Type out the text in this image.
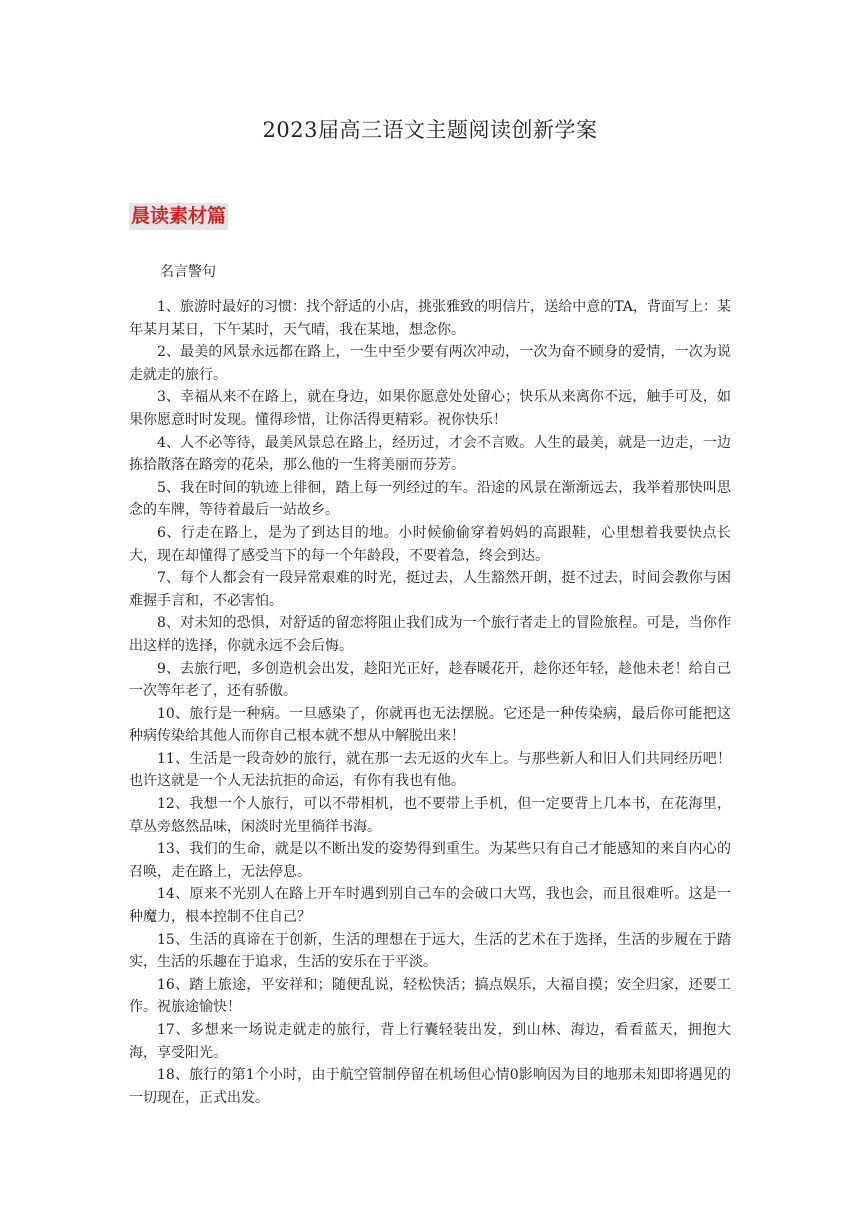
2023届高三语文主题阅读创新学案
晨读素材篇
名言警句

1、旅游时最好的习惯：找个舒适的小店，挑张雅致的明信片，送给中意的TA，背面写上：某年某月某日，下午某时，天气晴，我在某地，想念你。

2、最美的风景永远都在路上，一生中至少要有两次冲动，一次为奋不顾身的爱情，一次为说走就走的旅行。

3、幸福从来不在路上，就在身边，如果你愿意处处留心；快乐从来离你不远，触手可及，如果你愿意时时发现。懂得珍惜，让你活得更精彩。祝你快乐！

4、人不必等待，最美风景总在路上，经历过，才会不言败。人生的最美，就是一边走，一边拣拾散落在路旁的花朵，那么他的一生将美丽而芬芳。

5、我在时间的轨迹上徘徊，踏上每一列经过的车。沿途的风景在渐渐远去，我举着那快叫思念的车牌，等待着最后一站故乡。

6、行走在路上，是为了到达目的地。小时候偷偷穿着妈妈的高跟鞋，心里想着我要快点长大，现在却懂得了感受当下的每一个年龄段，不要着急，终会到达。

7、每个人都会有一段异常艰难的时光，挺过去，人生豁然开朗，挺不过去，时间会教你与困难握手言和，不必害怕。

8、对未知的恐惧，对舒适的留恋将阻止我们成为一个旅行者走上的冒险旅程。可是，当你作出这样的选择，你就永远不会后悔。

9、去旅行吧，多创造机会出发，趁阳光正好，趁春暖花开，趁你还年轻，趁他未老！给自己一次等年老了，还有骄傲。

10、旅行是一种病。一旦感染了，你就再也无法摆脱。它还是一种传染病，最后你可能把这种病传染给其他人而你自己根本就不想从中解脱出来！

11、生活是一段奇妙的旅行，就在那一去无返的火车上。与那些新人和旧人们共同经历吧！也许这就是一个人无法抗拒的命运，有你有我也有他。

12、我想一个人旅行，可以不带相机，也不要带上手机，但一定要背上几本书，在花海里，草丛旁悠然品味，闲淡时光里徜徉书海。

13、我们的生命，就是以不断出发的姿势得到重生。为某些只有自己才能感知的来自内心的召唤，走在路上，无法停息。

14、原来不光别人在路上开车时遇到别自己车的会破口大骂，我也会，而且很难听。这是一种魔力，根本控制不住自己？

15、生活的真谛在于创新，生活的理想在于远大，生活的艺术在于选择，生活的步履在于踏实，生活的乐趣在于追求，生活的安乐在于平淡。

16、踏上旅途，平安祥和；随便乱说，轻松快活；搞点娱乐，大福自摸；安全归家，还要工作。祝旅途愉快！

17、多想来一场说走就走的旅行，背上行囊轻装出发，到山林、海边，看看蓝天，拥抱大海，享受阳光。

18、旅行的第1个小时，由于航空管制停留在机场但心情0影响因为目的地那未知即将遇见的一切现在，正式出发。
